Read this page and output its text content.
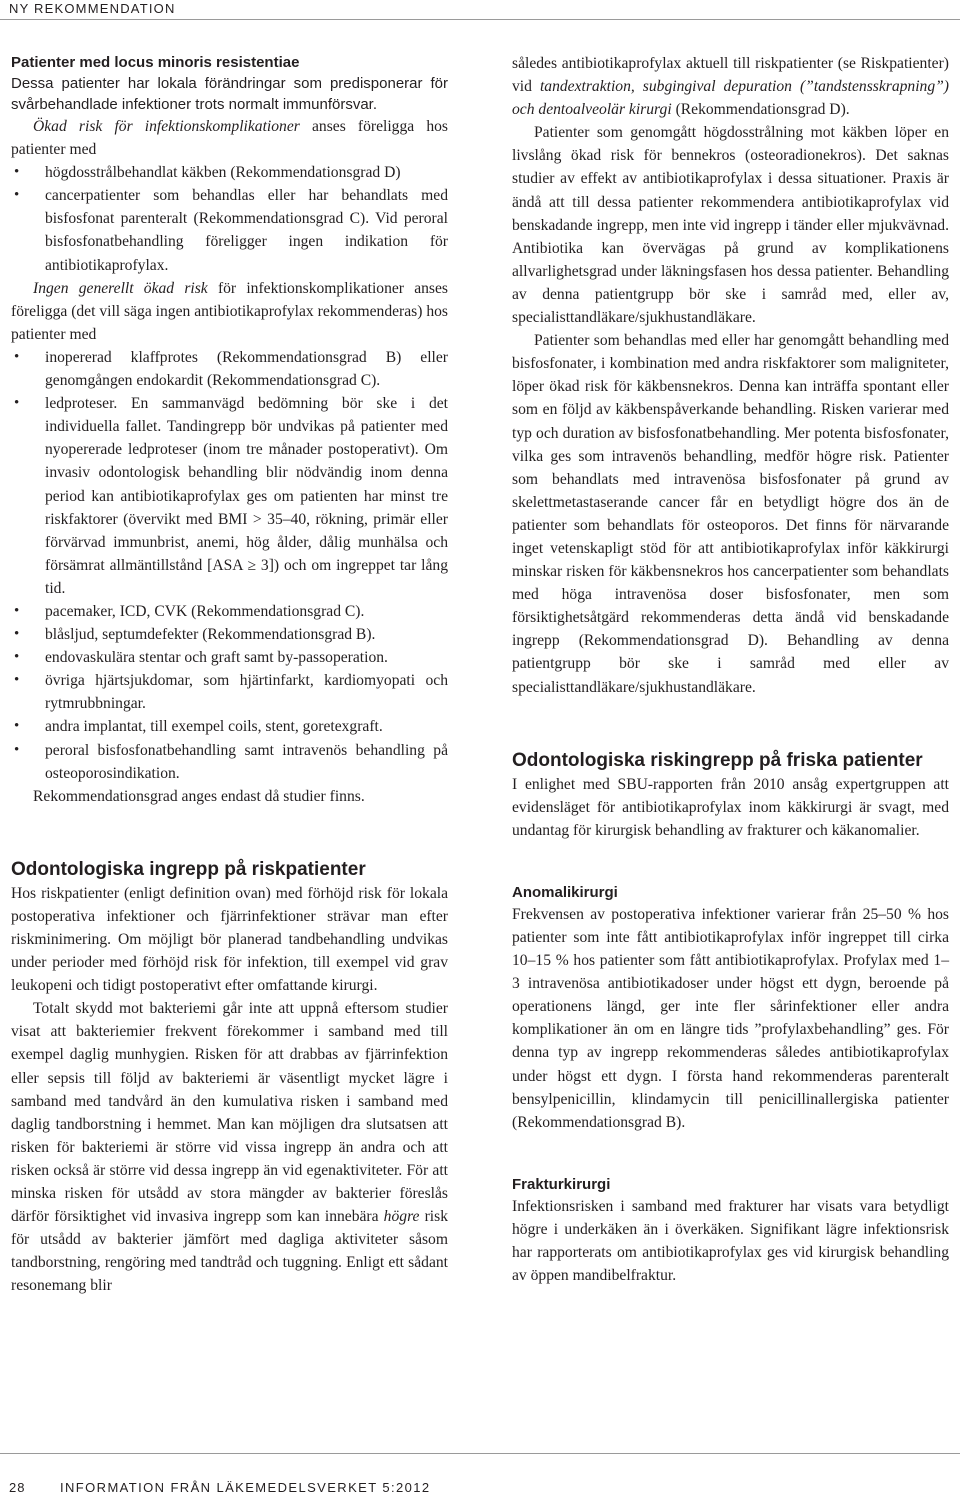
NY REKOMMENDATION
Patienter med locus minoris resistentiae

Dessa patienter har lokala förändringar som predisponerar för svårbehandlade infektioner trots normalt immunförsvar.

Ökad risk för infektionskomplikationer anses föreligga hos patienter med

• högdosstrålbehandlat käkben (Rekommendationsgrad D)
• cancerpatienter som behandlas eller har behandlats med bisfosfonat parenteralt (Rekommendationsgrad C). Vid peroral bisfosfonatbehandling föreligger ingen indikation för antibiotikaprofylax.

Ingen generellt ökad risk för infektionskomplikationer anses föreligga (det vill säga ingen antibiotikaprofylax rekommenderas) hos patienter med

• inopererad klaffprotes (Rekommendationsgrad B) eller genomgången endokardit (Rekommendationsgrad C).
• ledproteser. En sammanvägd bedömning bör ske i det individuella fallet. Tandingrepp bör undvikas på patienter med nyopererade ledproteser (inom tre månader postoperativt). Om invasiv odontologisk behandling blir nödvändig inom denna period kan antibiotikaprofylax ges om patienten har minst tre riskfaktorer (övervikt med BMI > 35–40, rökning, primär eller förvärvad immunbrist, anemi, hög ålder, dålig munhälsa och försämrat allmäntillstånd [ASA ≥ 3]) och om ingreppet tar lång tid.
• pacemaker, ICD, CVK (Rekommendationsgrad C).
• blåsljud, septumdefekter (Rekommendationsgrad B).
• endovaskulära stentar och graft samt by-passoperation.
• övriga hjärtsjukdomar, som hjärtinfarkt, kardiomyopati och rytmrubbningar.
• andra implantat, till exempel coils, stent, goretexgraft.
• peroral bisfosfonatbehandling samt intravenös behandling på osteoporosindikation.

Rekommendationsgrad anges endast då studier finns.

Odontologiska ingrepp på riskpatienter

Hos riskpatienter (enligt definition ovan) med förhöjd risk för lokala postoperativa infektioner och fjärrinfektioner strävar man efter riskminimering. Om möjligt bör planerad tandbehandling undvikas under perioder med förhöjd risk för infektion, till exempel vid grav leukopeni och tidigt postoperativt efter omfattande kirurgi.

Totalt skydd mot bakteriemi går inte att uppnå eftersom studier visat att bakteriemier frekvent förekommer i samband med till exempel daglig munhygien. Risken för att drabbas av fjärrinfektion eller sepsis till följd av bakteriemi är väsentligt mycket lägre i samband med tandvård än den kumulativa risken i samband med daglig tandborstning i hemmet. Man kan möjligen dra slutsatsen att risken för bakteriemi är större vid vissa ingrepp än andra och att risken också är större vid dessa ingrepp än vid egenaktiviteter. För att minska risken för utsådd av stora mängder av bakterier föreslås därför försiktighet vid invasiva ingrepp som kan innebära högre risk för utsådd av bakterier jämfört med dagliga aktiviteter såsom tandborstning, rengöring med tandtråd och tuggning. Enligt ett sådant resonemang blir

således antibiotikaprofylax aktuell till riskpatienter (se Riskpatienter) vid tandextraktion, subgingival depuration (”tandstensskrapning”) och dentoalveolär kirurgi (Rekommendationsgrad D).

Patienter som genomgått högdosstrålning mot käkben löper en livslång ökad risk för bennekros (osteoradionekros). Det saknas studier av effekt av antibiotikaprofylax i dessa situationer. Praxis är ändå att till dessa patienter rekommendera antibiotikaprofylax vid benskadande ingrepp, men inte vid ingrepp i tänder eller mjukvävnad. Antibiotika kan övervägas på grund av komplikationens allvarlighetsgrad under läkningsfasen hos dessa patienter. Behandling av denna patientgrupp bör ske i samråd med, eller av, specialisttandläkare/sjukhustandläkare.

Patienter som behandlas med eller har genomgått behandling med bisfosfonater, i kombination med andra riskfaktorer som maligniteter, löper ökad risk för käkbensnekros. Denna kan inträffa spontant eller som en följd av käkbenspåverkande behandling. Risken varierar med typ och duration av bisfosfonatbehandling. Mer potenta bisfosfonater, vilka ges som intravenös behandling, medför högre risk. Patienter som behandlats med intravenösa bisfosfonater på grund av skelettmetastaserande cancer får en betydligt högre dos än de patienter som behandlats för osteoporos. Det finns för närvarande inget vetenskapligt stöd för att antibiotikaprofylax inför käkkirurgi minskar risken för käkbensnekros hos cancerpatienter som behandlats med höga intravenösa doser bisfosfonater, men som försiktighetsåtgärd rekommenderas detta ändå vid benskadande ingrepp (Rekommendationsgrad D). Behandling av denna patientgrupp bör ske i samråd med eller av specialisttandläkare/sjukhustandläkare.

Odontologiska riskingrepp på friska patienter

I enlighet med SBU-rapporten från 2010 ansåg expertgruppen att evidensläget för antibiotikaprofylax inom käkkirurgi är svagt, med undantag för kirurgisk behandling av frakturer och käkanomalier.

Anomalikirurgi

Frekvensen av postoperativa infektioner varierar från 25–50 % hos patienter som inte fått antibiotikaprofylax inför ingreppet till cirka 10–15 % hos patienter som fått antibiotikaprofylax. Profylax med 1–3 intravenösa antibiotikadoser under högst ett dygn, beroende på operationens längd, ger inte fler sårinfektioner eller andra komplikationer än om en längre tids ”profylaxbehandling” ges. För denna typ av ingrepp rekommenderas således antibiotikaprofylax under högst ett dygn. I första hand rekommenderas parenteralt bensylpenicillin, klindamycin till penicillinallergiska patienter (Rekommendationsgrad B).

Frakturkirurgi

Infektionsrisken i samband med frakturer har visats vara betydligt högre i underkäken än i överkäken. Signifikant lägre infektionsrisk har rapporterats om antibiotikaprofylax ges vid kirurgisk behandling av öppen mandibelfraktur.

28	INFORMATION FRÅN LÄKEMEDELSVERKET 5:2012
